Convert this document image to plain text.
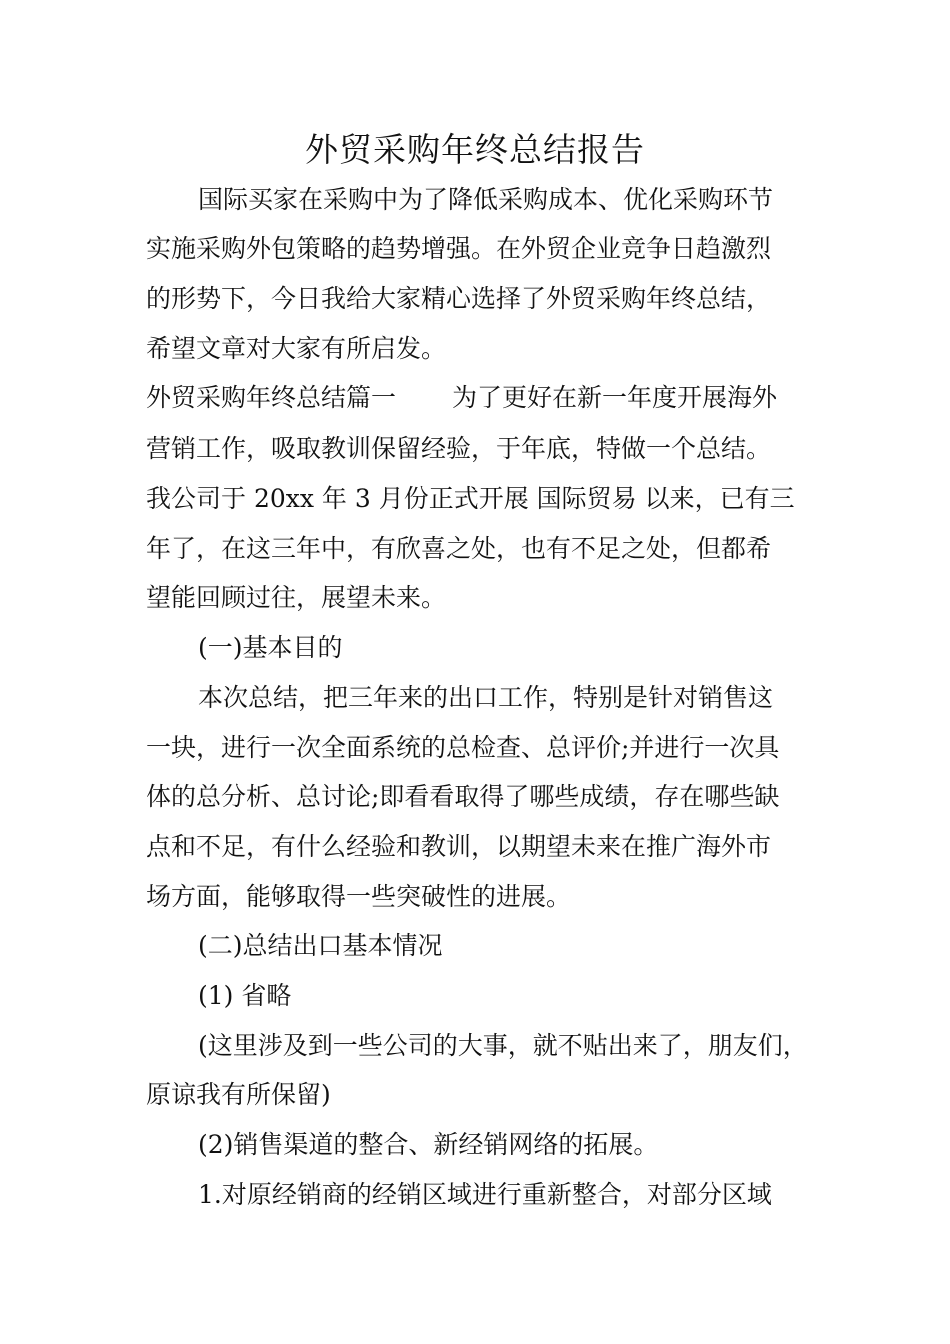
外贸采购年终总结报告
国际买家在采购中为了降低采购成本、优化采购环节
实施采购外包策略的趋势增强。在外贸企业竞争日趋激烈
的形势下，今日我给大家精心选择了外贸采购年终总结，
希望文章对大家有所启发。
外贸采购年终总结篇一 为了更好在新一年度开展海外
营销工作，吸取教训保留经验，于年底，特做一个总结。
我公司于 20xx 年 3 月份正式开展 国际贸易 以来，已有三
年了，在这三年中，有欣喜之处，也有不足之处，但都希
望能回顾过往，展望未来。
(一)基本目的
本次总结，把三年来的出口工作，特别是针对销售这
一块，进行一次全面系统的总检查、总评价;并进行一次具
体的总分析、总讨论;即看看取得了哪些成绩，存在哪些缺
点和不足，有什么经验和教训，以期望未来在推广海外市
场方面，能够取得一些突破性的进展。
(二)总结出口基本情况
(1) 省略
(这里涉及到一些公司的大事，就不贴出来了，朋友们，
原谅我有所保留)
(2)销售渠道的整合、新经销网络的拓展。
1.对原经销商的经销区域进行重新整合，对部分区域
